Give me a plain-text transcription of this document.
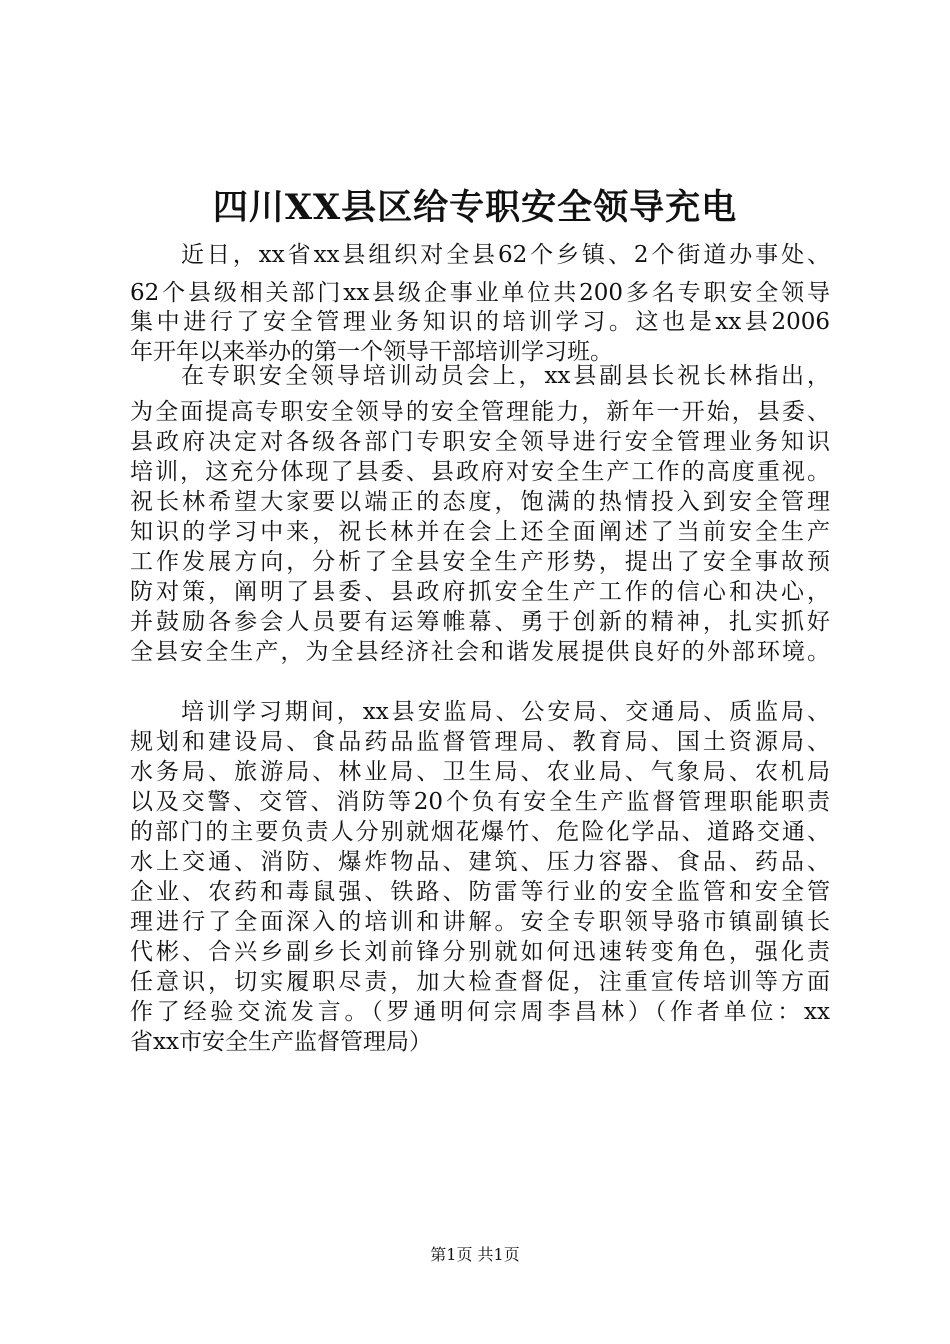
四川XX县区给专职安全领导充电
近日，xx省xx县组织对全县62个乡镇、2个街道办事处、
62个县级相关部门xx县级企事业单位共200多名专职安全领导
集中进行了安全管理业务知识的培训学习。这也是xx县2006
年开年以来举办的第一个领导干部培训学习班。
在专职安全领导培训动员会上，xx县副县长祝长林指出，
为全面提高专职安全领导的安全管理能力，新年一开始，县委、
县政府决定对各级各部门专职安全领导进行安全管理业务知识
培训，这充分体现了县委、县政府对安全生产工作的高度重视。
祝长林希望大家要以端正的态度，饱满的热情投入到安全管理
知识的学习中来，祝长林并在会上还全面阐述了当前安全生产
工作发展方向，分析了全县安全生产形势，提出了安全事故预
防对策，阐明了县委、县政府抓安全生产工作的信心和决心，
并鼓励各参会人员要有运筹帷幕、勇于创新的精神，扎实抓好
全县安全生产，为全县经济社会和谐发展提供良好的外部环境。
培训学习期间，xx县安监局、公安局、交通局、质监局、
规划和建设局、食品药品监督管理局、教育局、国土资源局、
水务局、旅游局、林业局、卫生局、农业局、气象局、农机局
以及交警、交管、消防等20个负有安全生产监督管理职能职责
的部门的主要负责人分别就烟花爆竹、危险化学品、道路交通、
水上交通、消防、爆炸物品、建筑、压力容器、食品、药品、
企业、农药和毒鼠强、铁路、防雷等行业的安全监管和安全管
理进行了全面深入的培训和讲解。安全专职领导骆市镇副镇长
代彬、合兴乡副乡长刘前锋分别就如何迅速转变角色，强化责
任意识，切实履职尽责，加大检查督促，注重宣传培训等方面
作了经验交流发言。（罗通明何宗周李昌林）（作者单位：xx
省xx市安全生产监督管理局）
第1页 共1页
